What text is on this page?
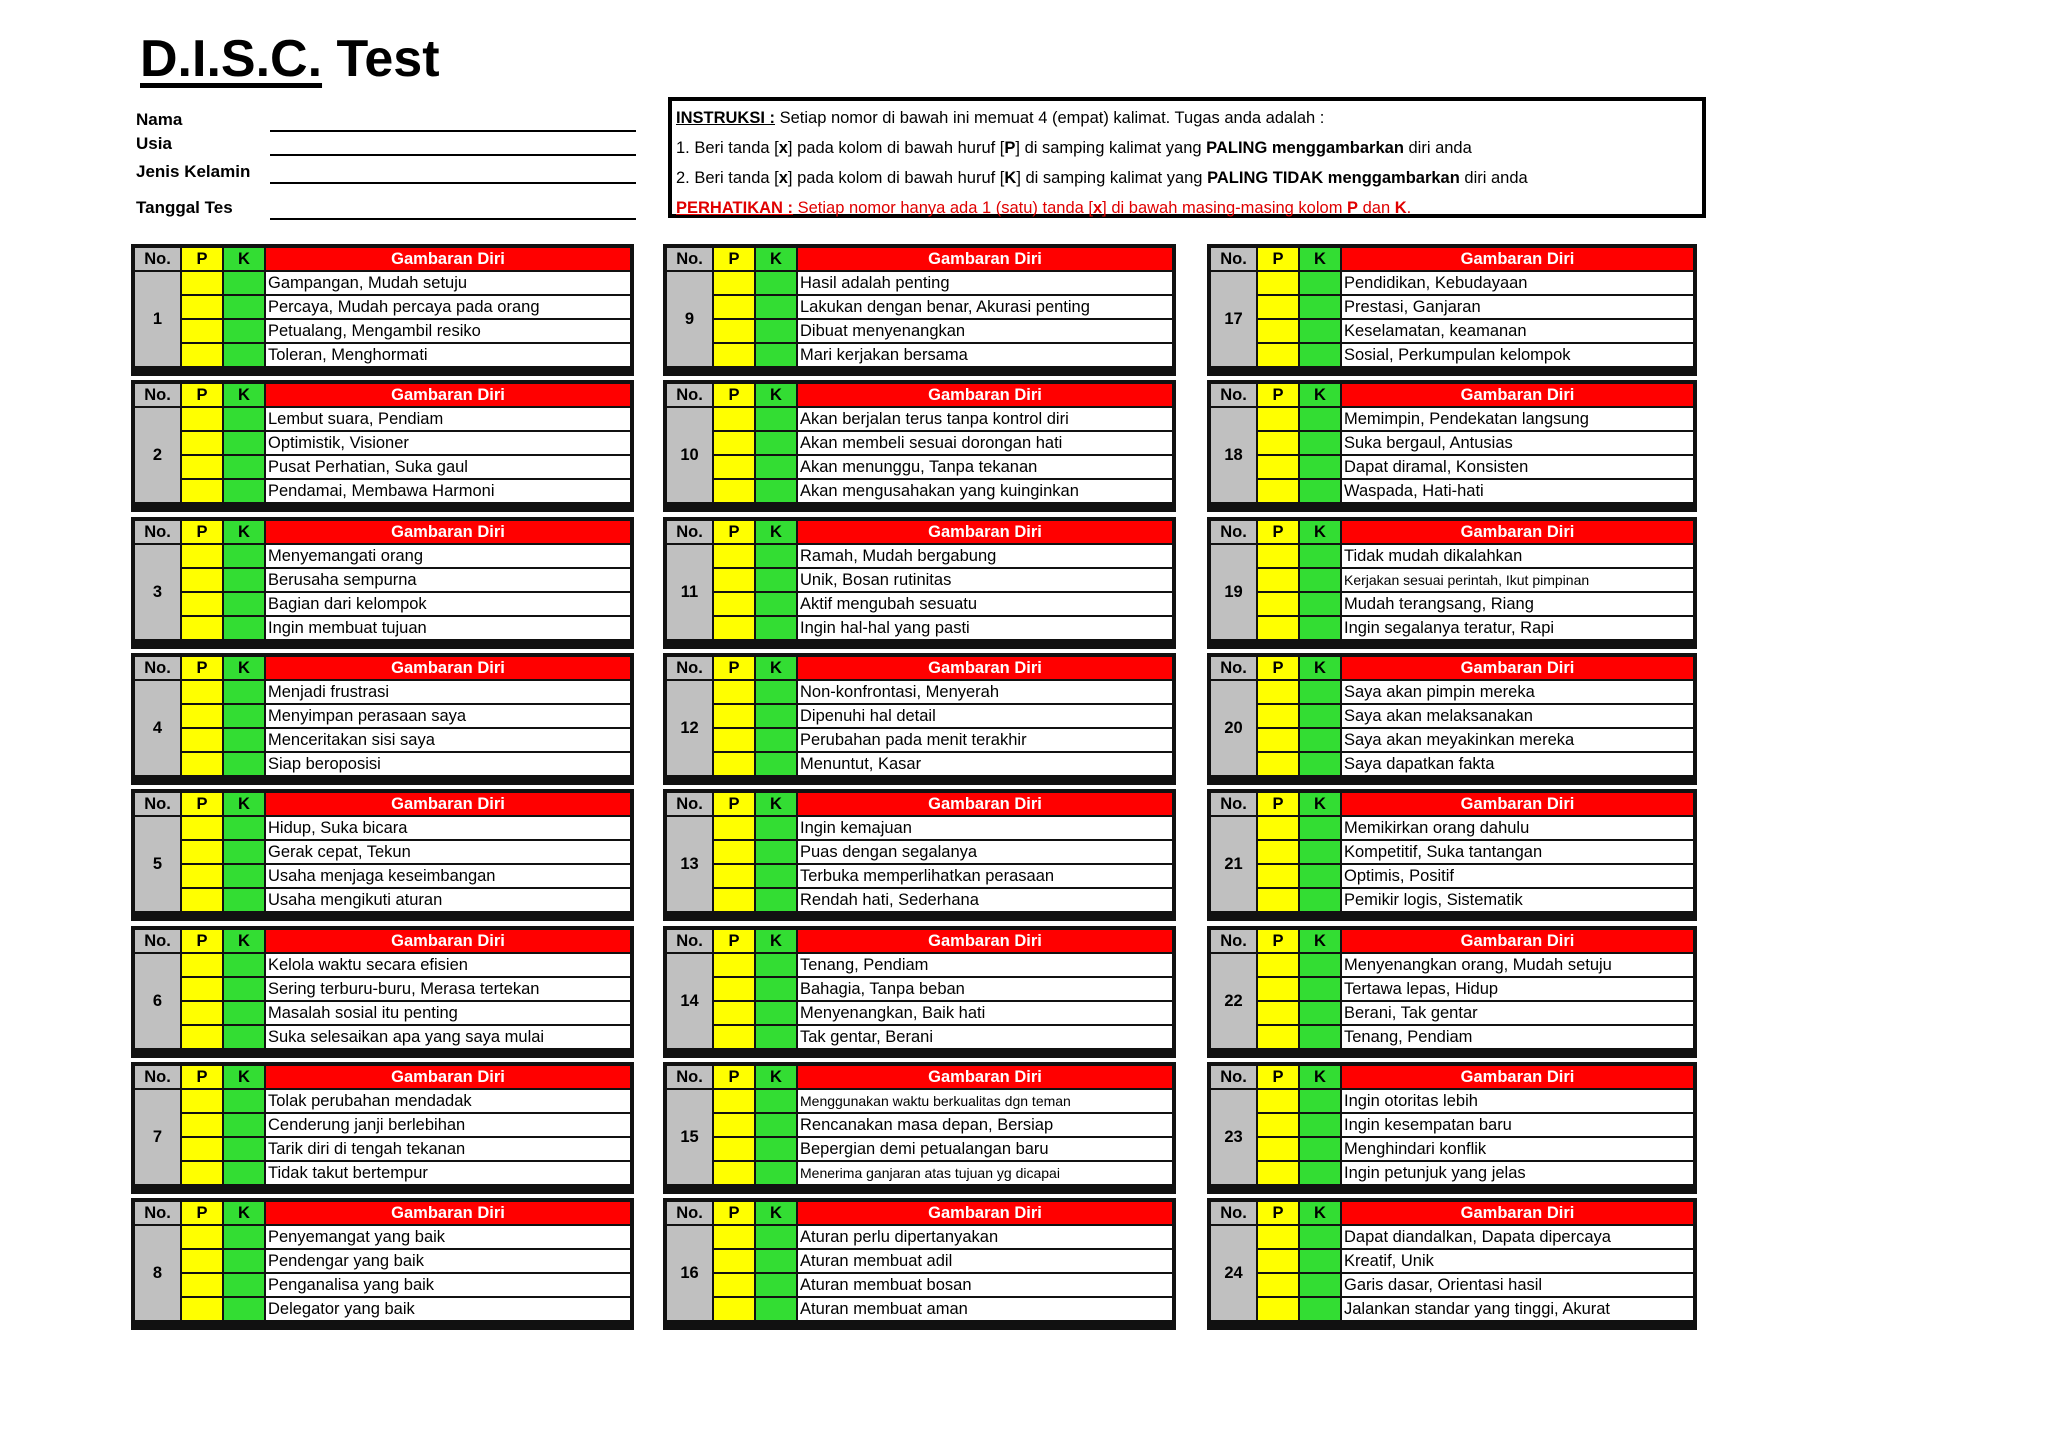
D.I.S.C. Test
Nama
Usia
Jenis Kelamin
Tanggal Tes
INSTRUKSI : Setiap nomor di bawah ini memuat 4 (empat) kalimat. Tugas anda adalah :
1. Beri tanda [x] pada kolom di bawah huruf [P] di samping kalimat yang PALING menggambarkan diri anda
2. Beri tanda [x] pada kolom di bawah huruf [K] di samping kalimat yang PALING TIDAK menggambarkan diri anda
PERHATIKAN : Setiap nomor hanya ada 1 (satu) tanda [x] di bawah masing-masing kolom P dan K.
No.	P	K	Gambaran Diri
1			Gampangan, Mudah setuju
			Percaya, Mudah percaya pada orang
			Petualang, Mengambil resiko
			Toleran, Menghormati
No.	P	K	Gambaran Diri
2			Lembut suara, Pendiam
			Optimistik, Visioner
			Pusat Perhatian, Suka gaul
			Pendamai, Membawa Harmoni
No.	P	K	Gambaran Diri
3			Menyemangati orang
			Berusaha sempurna
			Bagian dari kelompok
			Ingin membuat tujuan
No.	P	K	Gambaran Diri
4			Menjadi frustrasi
			Menyimpan perasaan saya
			Menceritakan sisi saya
			Siap beroposisi
No.	P	K	Gambaran Diri
5			Hidup, Suka bicara
			Gerak cepat, Tekun
			Usaha menjaga keseimbangan
			Usaha mengikuti aturan
No.	P	K	Gambaran Diri
6			Kelola waktu secara efisien
			Sering terburu-buru, Merasa tertekan
			Masalah sosial itu penting
			Suka selesaikan apa yang saya mulai
No.	P	K	Gambaran Diri
7			Tolak perubahan mendadak
			Cenderung janji berlebihan
			Tarik diri di tengah tekanan
			Tidak takut bertempur
No.	P	K	Gambaran Diri
8			Penyemangat yang baik
			Pendengar yang baik
			Penganalisa yang baik
			Delegator yang baik
No.	P	K	Gambaran Diri
9			Hasil adalah penting
			Lakukan dengan benar, Akurasi penting
			Dibuat menyenangkan
			Mari kerjakan bersama
No.	P	K	Gambaran Diri
10			Akan berjalan terus tanpa kontrol diri
			Akan membeli sesuai dorongan hati
			Akan menunggu, Tanpa tekanan
			Akan mengusahakan yang kuinginkan
No.	P	K	Gambaran Diri
11			Ramah, Mudah bergabung
			Unik, Bosan rutinitas
			Aktif mengubah sesuatu
			Ingin hal-hal yang pasti
No.	P	K	Gambaran Diri
12			Non-konfrontasi, Menyerah
			Dipenuhi hal detail
			Perubahan pada menit terakhir
			Menuntut, Kasar
No.	P	K	Gambaran Diri
13			Ingin kemajuan
			Puas dengan segalanya
			Terbuka memperlihatkan perasaan
			Rendah hati, Sederhana
No.	P	K	Gambaran Diri
14			Tenang, Pendiam
			Bahagia, Tanpa beban
			Menyenangkan, Baik hati
			Tak gentar, Berani
No.	P	K	Gambaran Diri
15			Menggunakan waktu berkualitas dgn teman
			Rencanakan masa depan, Bersiap
			Bepergian demi petualangan baru
			Menerima ganjaran atas tujuan yg dicapai
No.	P	K	Gambaran Diri
16			Aturan perlu dipertanyakan
			Aturan membuat adil
			Aturan membuat bosan
			Aturan membuat aman
No.	P	K	Gambaran Diri
17			Pendidikan, Kebudayaan
			Prestasi, Ganjaran
			Keselamatan, keamanan
			Sosial, Perkumpulan kelompok
No.	P	K	Gambaran Diri
18			Memimpin, Pendekatan langsung
			Suka bergaul, Antusias
			Dapat diramal, Konsisten
			Waspada, Hati-hati
No.	P	K	Gambaran Diri
19			Tidak mudah dikalahkan
			Kerjakan sesuai perintah, Ikut pimpinan
			Mudah terangsang, Riang
			Ingin segalanya teratur, Rapi
No.	P	K	Gambaran Diri
20			Saya akan pimpin mereka
			Saya akan melaksanakan
			Saya akan meyakinkan mereka
			Saya dapatkan fakta
No.	P	K	Gambaran Diri
21			Memikirkan orang dahulu
			Kompetitif, Suka tantangan
			Optimis, Positif
			Pemikir logis, Sistematik
No.	P	K	Gambaran Diri
22			Menyenangkan orang, Mudah setuju
			Tertawa lepas, Hidup
			Berani, Tak gentar
			Tenang, Pendiam
No.	P	K	Gambaran Diri
23			Ingin otoritas lebih
			Ingin kesempatan baru
			Menghindari konflik
			Ingin petunjuk yang jelas
No.	P	K	Gambaran Diri
24			Dapat diandalkan, Dapata dipercaya
			Kreatif, Unik
			Garis dasar, Orientasi hasil
			Jalankan standar yang tinggi, Akurat
